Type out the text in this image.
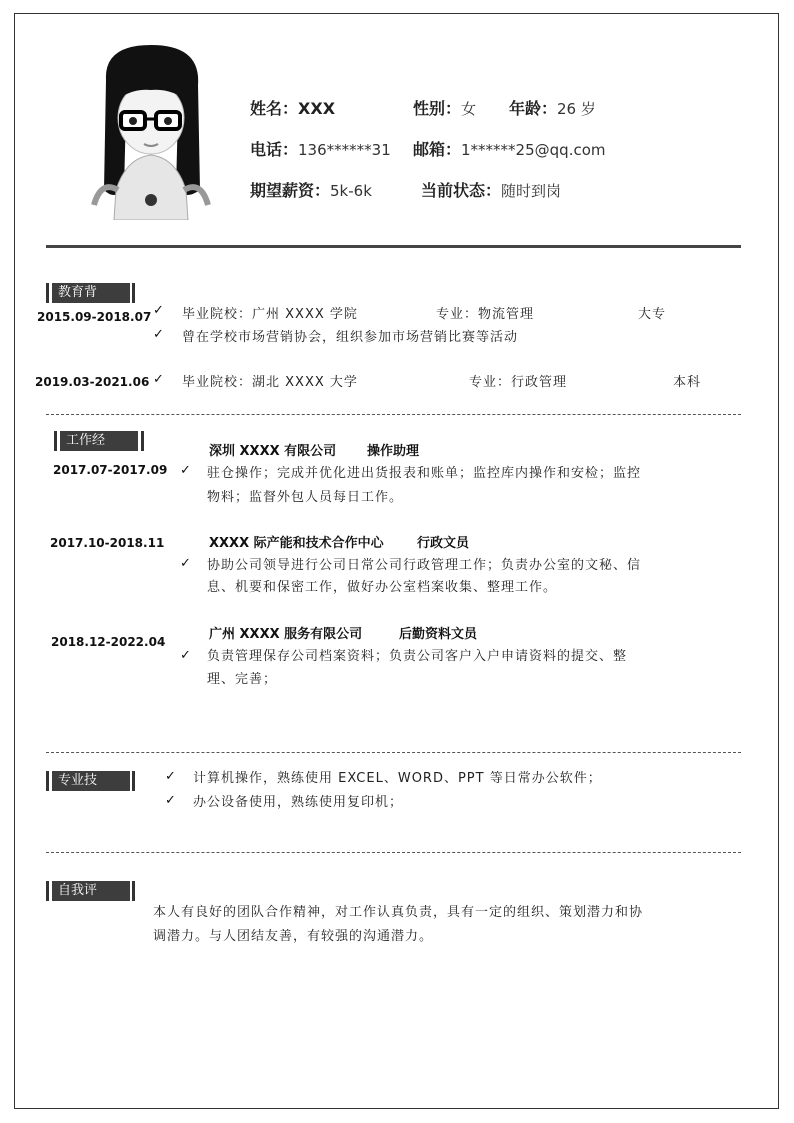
姓名：XXX	性别：女 年龄：26 岁
电话：136******31 邮箱：1******25@qq.com
期望薪资：5k-6k	当前状态：随时到岗
教育背
2015.09-2018.07 ✓ 毕业院校：广州 XXXX 学院	专业：物流管理	大专
✓ 曾在学校市场营销协会，组织参加市场营销比赛等活动
2019.03-2021.06 ✓ 毕业院校：湖北 XXXX 大学	专业：行政管理	本科
工作经
深圳 XXXX 有限公司 操作助理
2017.07-2017.09 ✓ 驻仓操作；完成并优化进出货报表和账单；监控库内操作和安检；监控
物料；监督外包人员每日工作。
XXXX 际产能和技术合作中心	行政文员
2017.10-2018.11
✓ 协助公司领导进行公司日常公司行政管理工作；负责办公室的文秘、信
息、机要和保密工作，做好办公室档案收集、整理工作。
广州 XXXX 服务有限公司	后勤资料文员
2018.12-2022.04
✓ 负责管理保存公司档案资料；负责公司客户入户申请资料的提交、整
理、完善；
专业技	✓ 计算机操作，熟练使用 EXCEL、WORD、PPT 等日常办公软件；
✓ 办公设备使用，熟练使用复印机；
自我评
本人有良好的团队合作精神，对工作认真负责，具有一定的组织、策划潜力和协
调潜力。与人团结友善，有较强的沟通潜力。
